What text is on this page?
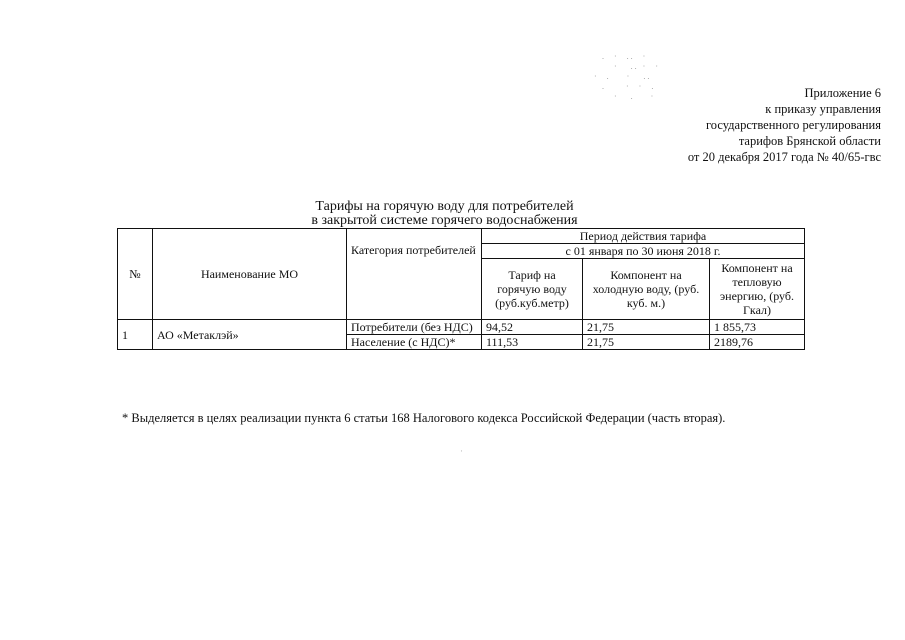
.  ·  ..  ·
·   .. ·  ·
·  .    ·   ..
.     ·  ·  .
·   .    ·	Приложение 6
к приказу управления
государственного регулирования
тарифов Брянской области
от 20 декабря 2017 года № 40/65-гвс
Тарифы на горячую воду для потребителей
в закрытой системе горячего водоснабжения
№	Наименование МО	Категория потребителей	Период действия тарифа		
			с 01 января по 30 июня 2018 г.		
			Тариф на горячую воду (руб.куб.метр)	Компонент на холодную воду, (руб. куб. м.)	Компонент на тепловую энергию, (руб. Гкал)
1	АО «Метаклэй»	Потребители (без НДС)	94,52	21,75	1 855,73
		Население (с НДС)*	111,53	21,75	2189,76
* Выделяется в целях реализации пункта 6 статьи 168 Налогового кодекса Российской Федерации (часть вторая).
·
